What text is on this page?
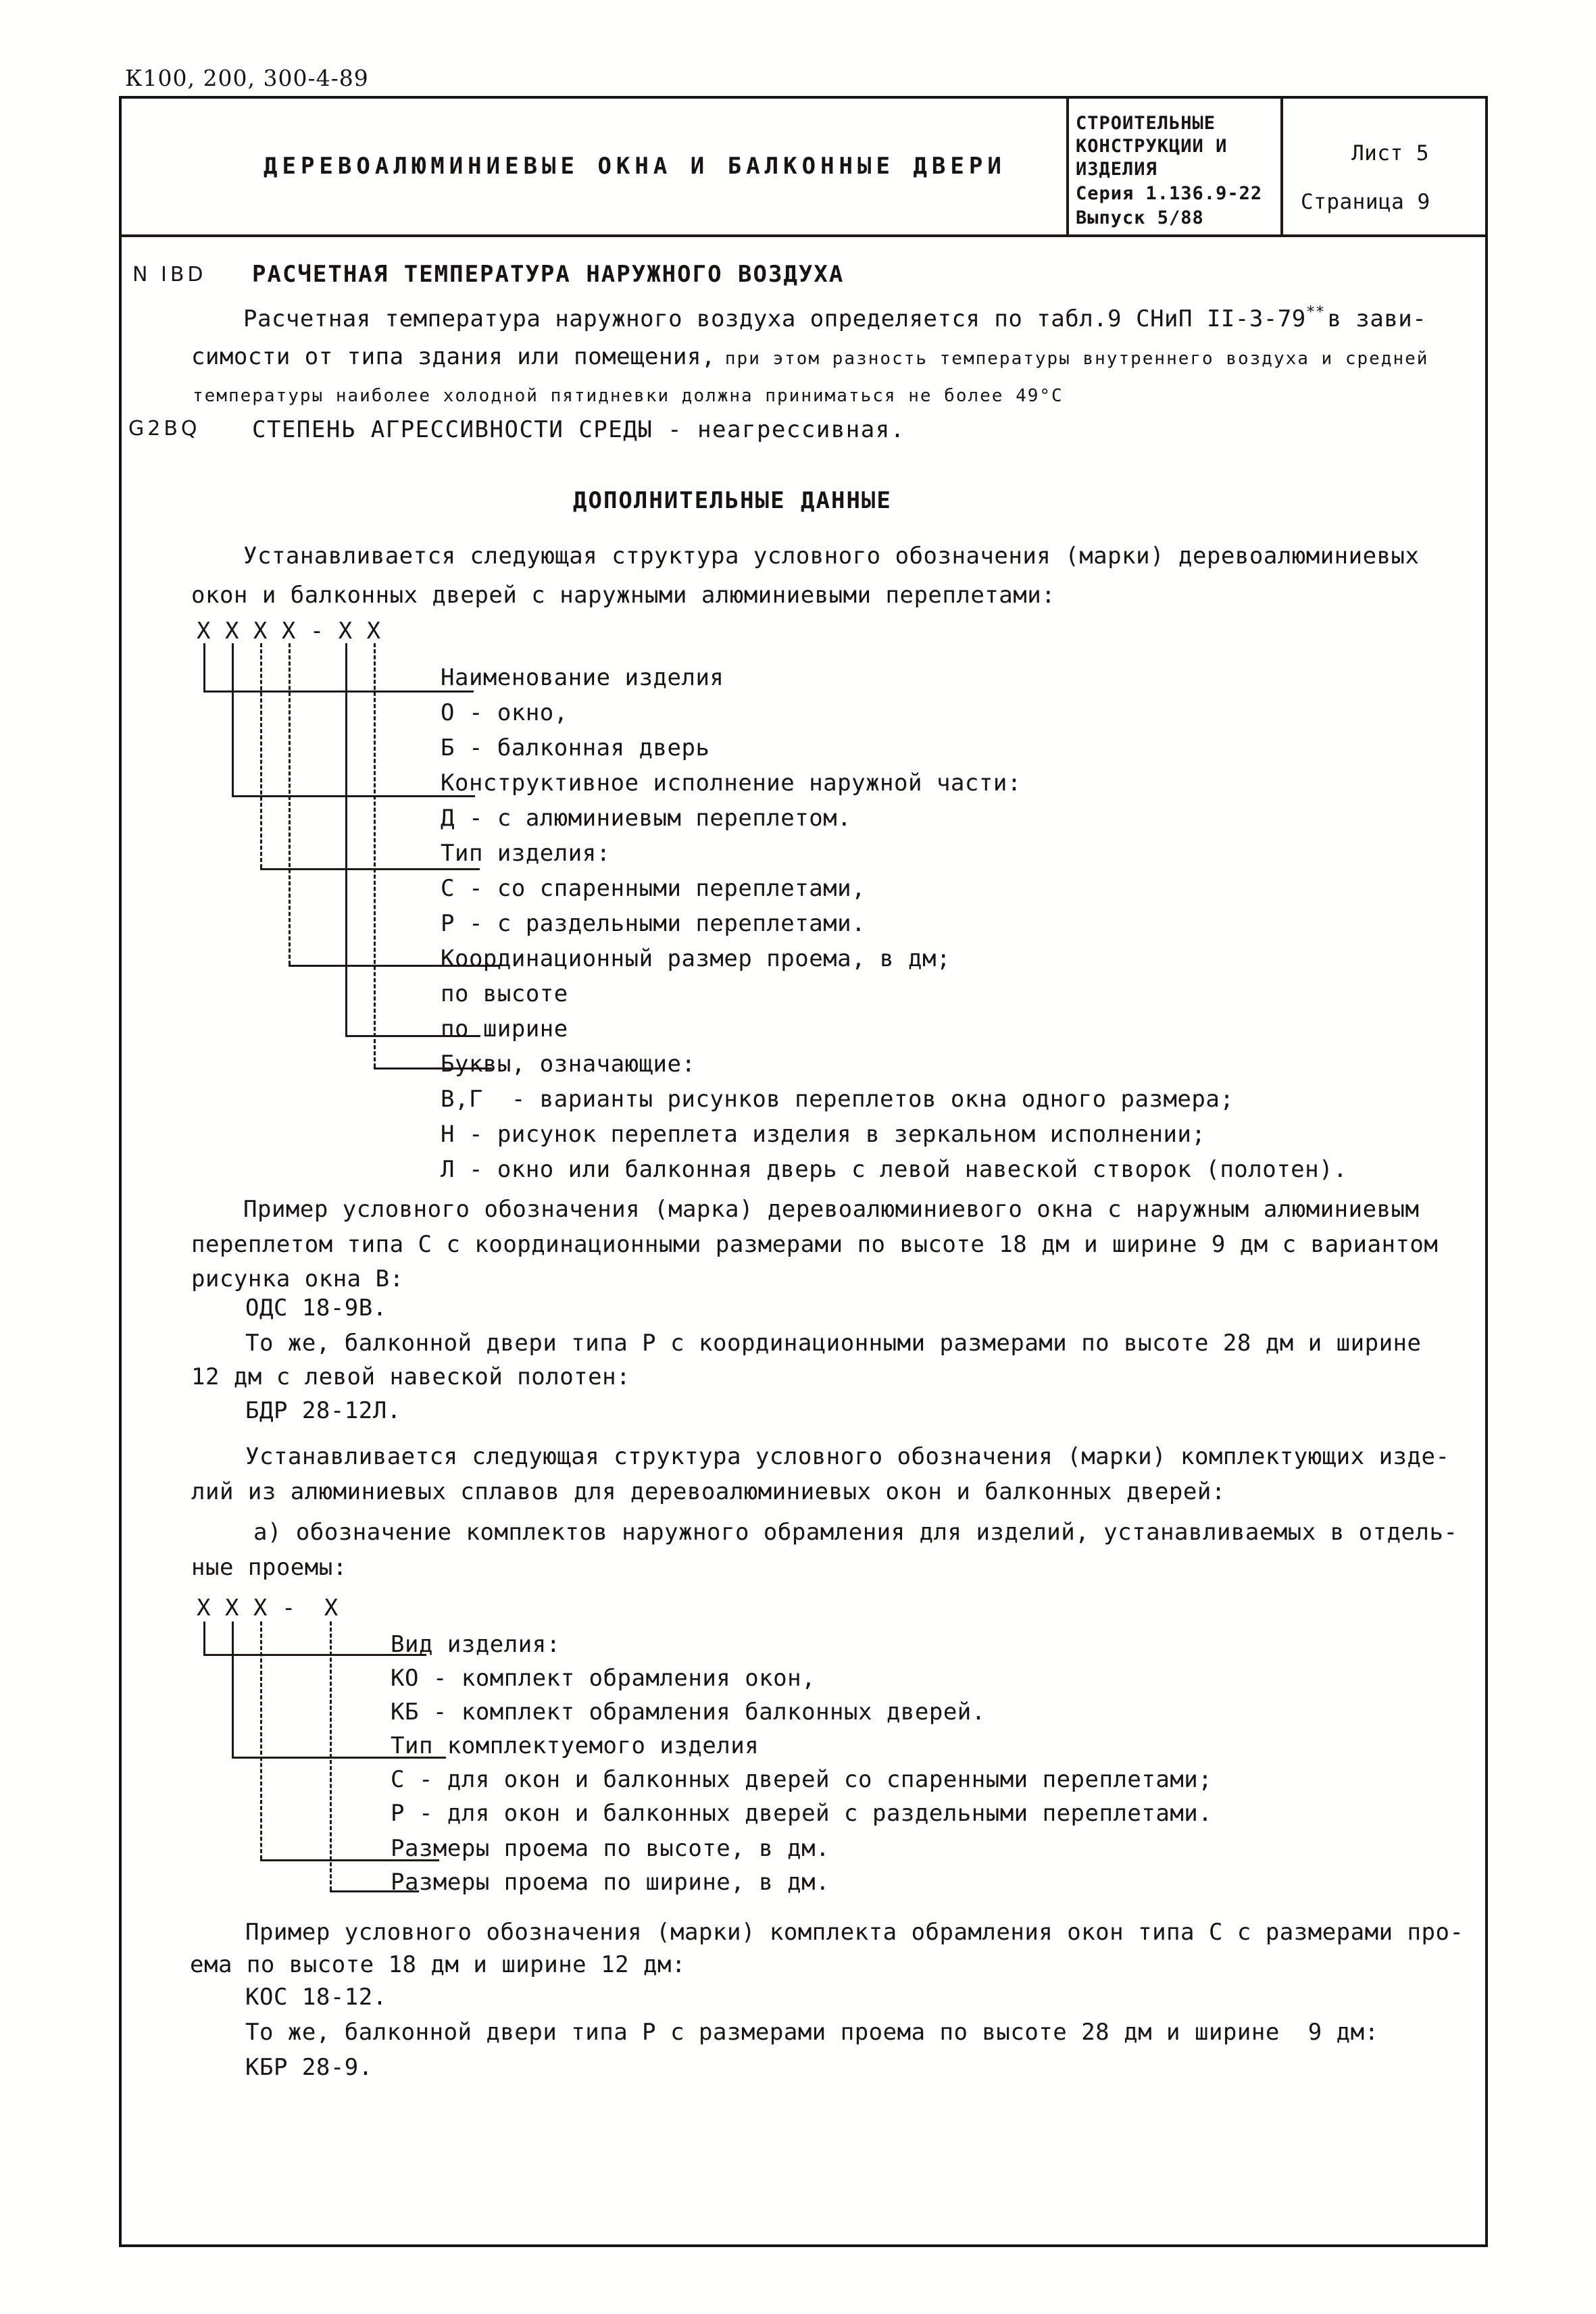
К100, 200, 300-4-89
ДЕРЕВОАЛЮМИНИЕВЫЕ ОКНА И БАЛКОННЫЕ ДВЕРИ
СТРОИТЕЛЬНЫЕ
КОНСТРУКЦИИ И
ИЗДЕЛИЯ
Серия 1.136.9-22
Выпуск 5/88
Лист 5
Страница 9
N IBD РАСЧЕТНАЯ ТЕМПЕРАТУРА НАРУЖНОГО ВОЗДУХА
Расчетная температура наружного воздуха определяется по табл.9 СНиП II-3-79** в зави-
симости от типа здания или помещения, при этом разность температуры внутреннего воздуха и средней
температуры наиболее холодной пятидневки должна приниматься не более 49°С
G2BQ СТЕПЕНЬ АГРЕССИВНОСТИ СРЕДЫ - неагрессивная.
ДОПОЛНИТЕЛЬНЫЕ ДАННЫЕ
Устанавливается следующая структура условного обозначения (марки) деревоалюминиевых
окон и балконных дверей с наружными алюминиевыми переплетами:
Х Х Х Х - Х Х
Наименование изделия
О - окно,
Б - балконная дверь
Конструктивное исполнение наружной части:
Д - с алюминиевым переплетом.
Тип изделия:
С - со спаренными переплетами,
Р - с раздельными переплетами.
Координационный размер проема, в дм;
по высоте
по ширине
Буквы, означающие:
В,Г  - варианты рисунков переплетов окна одного размера;
Н - рисунок переплета изделия в зеркальном исполнении;
Л - окно или балконная дверь с левой навеской створок (полотен).
Пример условного обозначения (марка) деревоалюминиевого окна с наружным алюминиевым
переплетом типа С с координационными размерами по высоте 18 дм и ширине 9 дм с вариантом
рисунка окна В:
ОДС 18-9В.
То же, балконной двери типа Р с координационными размерами по высоте 28 дм и ширине
12 дм с левой навеской полотен:
БДР 28-12Л.
Устанавливается следующая структура условного обозначения (марки) комплектующих изде-
лий из алюминиевых сплавов для деревоалюминиевых окон и балконных дверей:
а) обозначение комплектов наружного обрамления для изделий, устанавливаемых в отдель-
ные проемы:
Х Х Х -  Х
Вид изделия:
КО - комплект обрамления окон,
КБ - комплект обрамления балконных дверей.
Тип комплектуемого изделия
С - для окон и балконных дверей со спаренными переплетами;
Р - для окон и балконных дверей с раздельными переплетами.
Размеры проема по высоте, в дм.
Размеры проема по ширине, в дм.
Пример условного обозначения (марки) комплекта обрамления окон типа С с размерами про-
ема по высоте 18 дм и ширине 12 дм:
КОС 18-12.
То же, балконной двери типа Р с размерами проема по высоте 28 дм и ширине  9 дм:
КБР 28-9.
